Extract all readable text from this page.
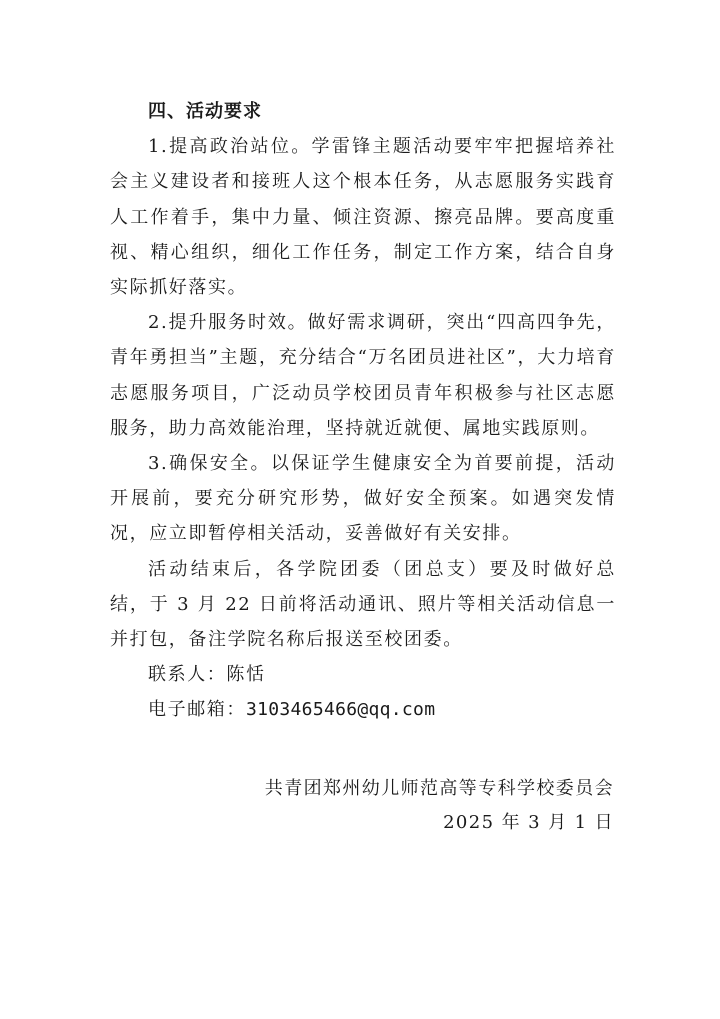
四、活动要求

1.提高政治站位。学雷锋主题活动要牢牢把握培养社会主义建设者和接班人这个根本任务，从志愿服务实践育人工作着手，集中力量、倾注资源、擦亮品牌。要高度重视、精心组织，细化工作任务，制定工作方案，结合自身实际抓好落实。

2.提升服务时效。做好需求调研，突出“四高四争先，青年勇担当”主题，充分结合“万名团员进社区”，大力培育志愿服务项目，广泛动员学校团员青年积极参与社区志愿服务，助力高效能治理，坚持就近就便、属地实践原则。

3.确保安全。以保证学生健康安全为首要前提，活动开展前，要充分研究形势，做好安全预案。如遇突发情况，应立即暂停相关活动，妥善做好有关安排。

活动结束后，各学院团委（团总支）要及时做好总结，于 3 月 22 日前将活动通讯、照片等相关活动信息一并打包，备注学院名称后报送至校团委。

联系人：陈恬

电子邮箱：3103465466@qq.com

共青团郑州幼儿师范高等专科学校委员会
2025 年 3 月 1 日
